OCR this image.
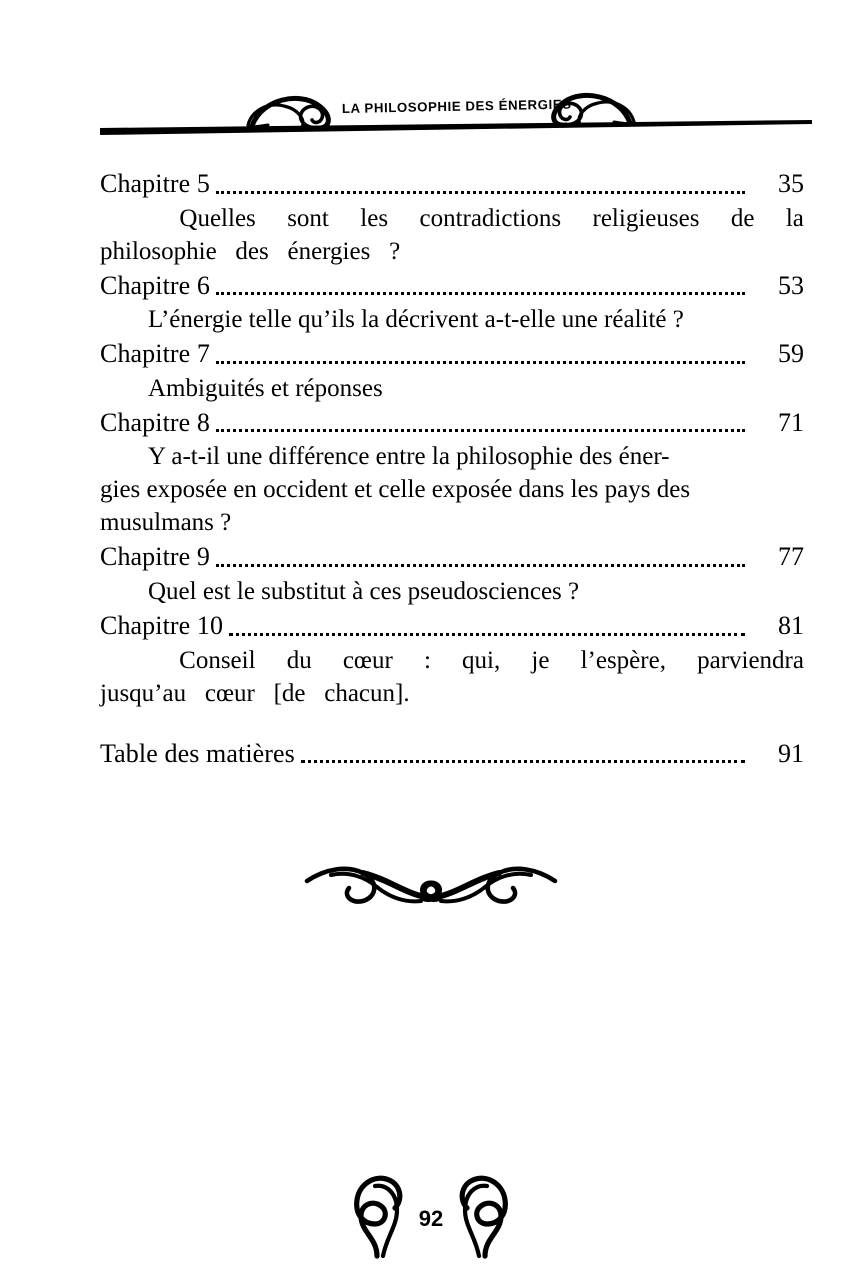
LA PHILOSOPHIE DES ÉNERGIES
Chapitre 5	35
Quelles sont les contradictions religieuses de la
philosophie   des   énergies   ?
Chapitre 6	53
L’énergie telle qu’ils la décrivent a-t-elle une réalité ?
Chapitre 7	59
Ambiguités et réponses
Chapitre 8	71
Y a-t-il une différence entre la philosophie des éner-
gies exposée en occident et celle exposée dans les pays des
musulmans ?
Chapitre 9	77
Quel est le substitut à ces pseudosciences ?
Chapitre 10	81
Conseil du cœur : qui, je l’espère, parviendra
jusqu’au   cœur   [de   chacun].
Table des matières	91
92
